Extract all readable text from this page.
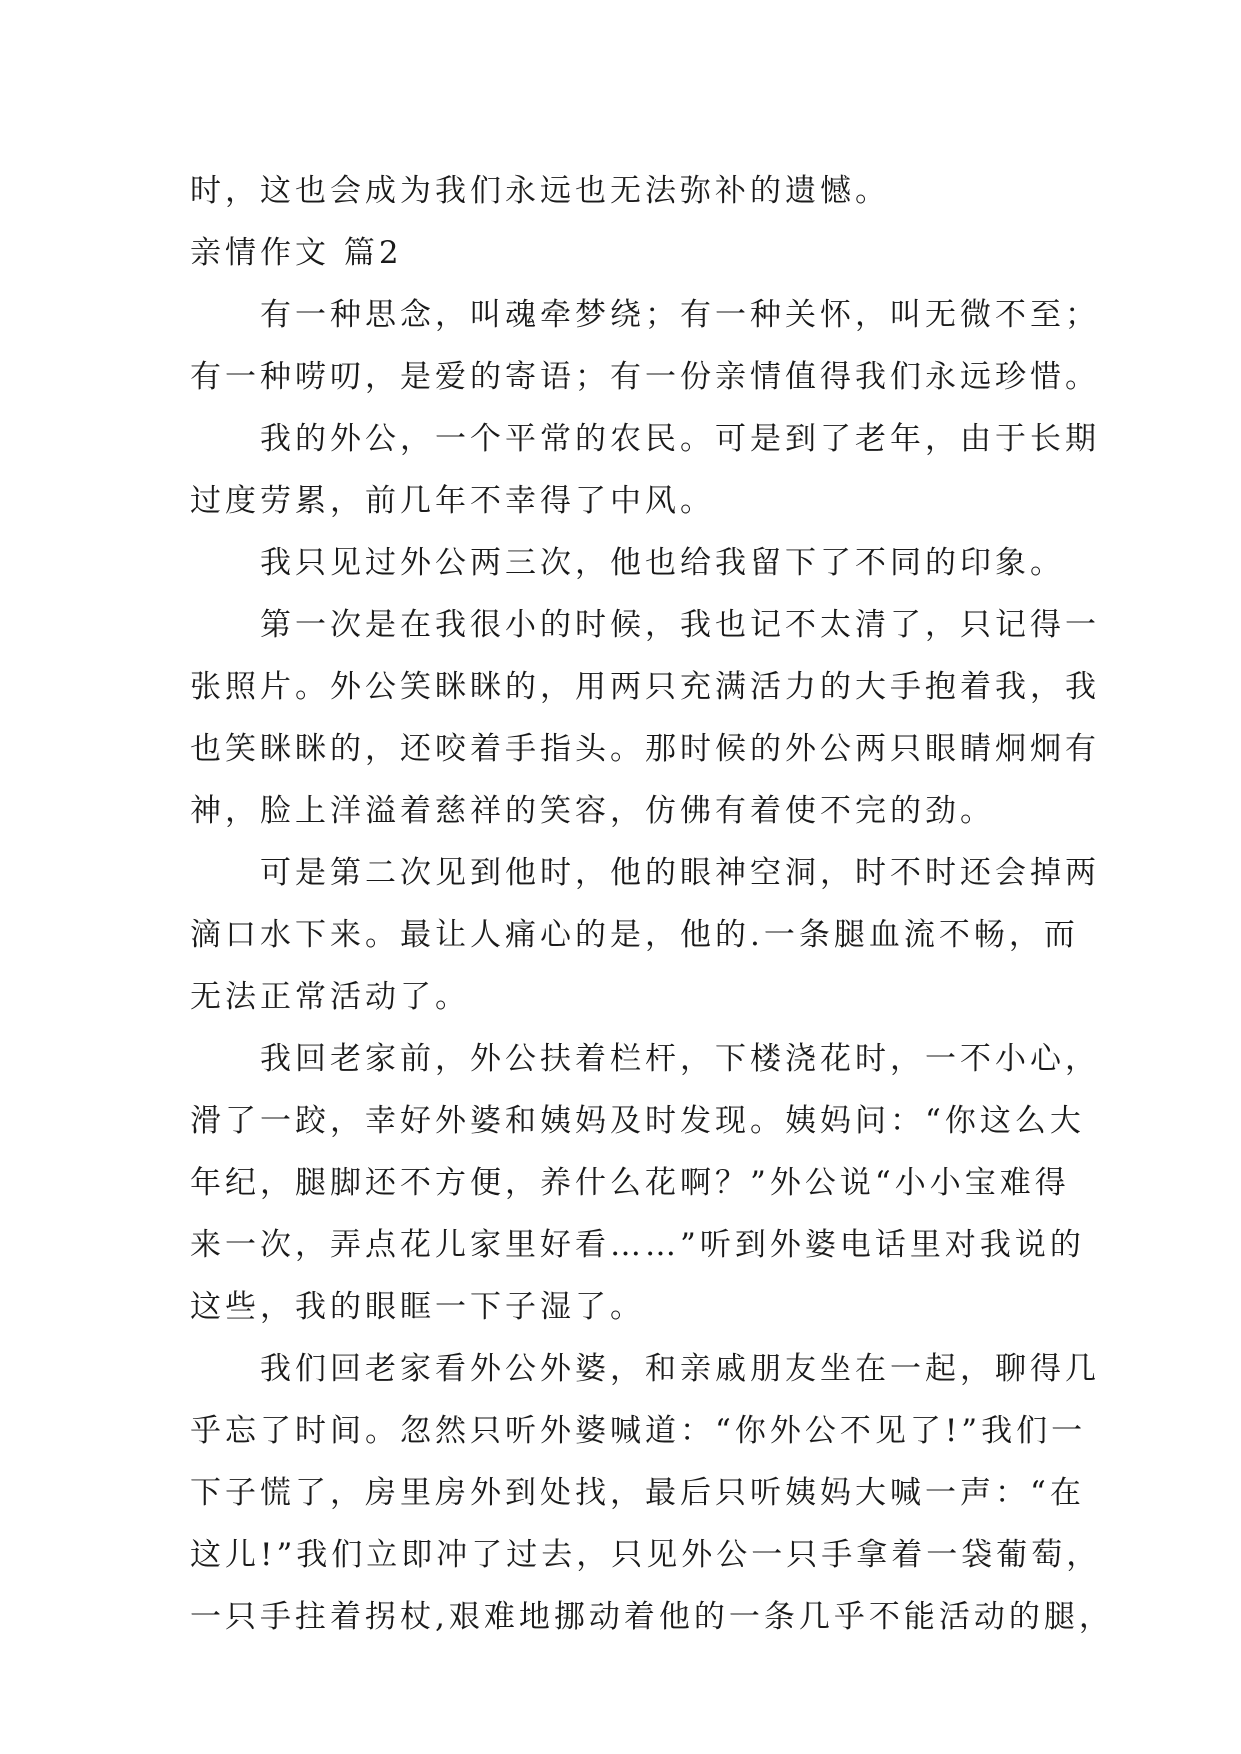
时，这也会成为我们永远也无法弥补的遗憾。
亲情作文 篇2
有一种思念，叫魂牵梦绕；有一种关怀，叫无微不至；
有一种唠叨，是爱的寄语；有一份亲情值得我们永远珍惜。
我的外公，一个平常的农民。可是到了老年，由于长期
过度劳累，前几年不幸得了中风。
我只见过外公两三次，他也给我留下了不同的印象。
第一次是在我很小的时候，我也记不太清了，只记得一
张照片。外公笑眯眯的，用两只充满活力的大手抱着我，我
也笑眯眯的，还咬着手指头。那时候的外公两只眼睛炯炯有
神，脸上洋溢着慈祥的笑容，仿佛有着使不完的劲。
可是第二次见到他时，他的眼神空洞，时不时还会掉两
滴口水下来。最让人痛心的是，他的.一条腿血流不畅，而
无法正常活动了。
我回老家前，外公扶着栏杆，下楼浇花时，一不小心，
滑了一跤，幸好外婆和姨妈及时发现。姨妈问：“你这么大
年纪，腿脚还不方便，养什么花啊？”外公说“小小宝难得
来一次，弄点花儿家里好看……”听到外婆电话里对我说的
这些，我的眼眶一下子湿了。
我们回老家看外公外婆，和亲戚朋友坐在一起，聊得几
乎忘了时间。忽然只听外婆喊道：“你外公不见了!”我们一
下子慌了，房里房外到处找，最后只听姨妈大喊一声：“在
这儿!”我们立即冲了过去，只见外公一只手拿着一袋葡萄，
一只手拄着拐杖,艰难地挪动着他的一条几乎不能活动的腿，
